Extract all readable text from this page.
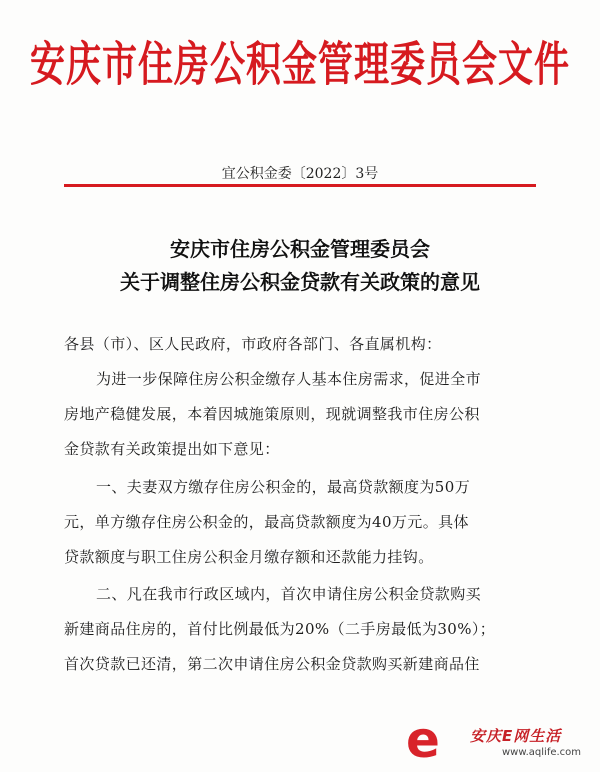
安庆市住房公积金管理委员会文件
宜公积金委〔2022〕3号
安庆市住房公积金管理委员会
关于调整住房公积金贷款有关政策的意见
各县（市）、区人民政府，市政府各部门、各直属机构：
为进一步保障住房公积金缴存人基本住房需求，促进全市
房地产稳健发展，本着因城施策原则，现就调整我市住房公积
金贷款有关政策提出如下意见：
一、夫妻双方缴存住房公积金的，最高贷款额度为50万
元，单方缴存住房公积金的，最高贷款额度为40万元。具体
贷款额度与职工住房公积金月缴存额和还款能力挂钩。
二、凡在我市行政区域内，首次申请住房公积金贷款购买
新建商品住房的，首付比例最低为20%（二手房最低为30%）；
首次贷款已还清，第二次申请住房公积金贷款购买新建商品住
e 安庆E网生活
www.aqlife.com
